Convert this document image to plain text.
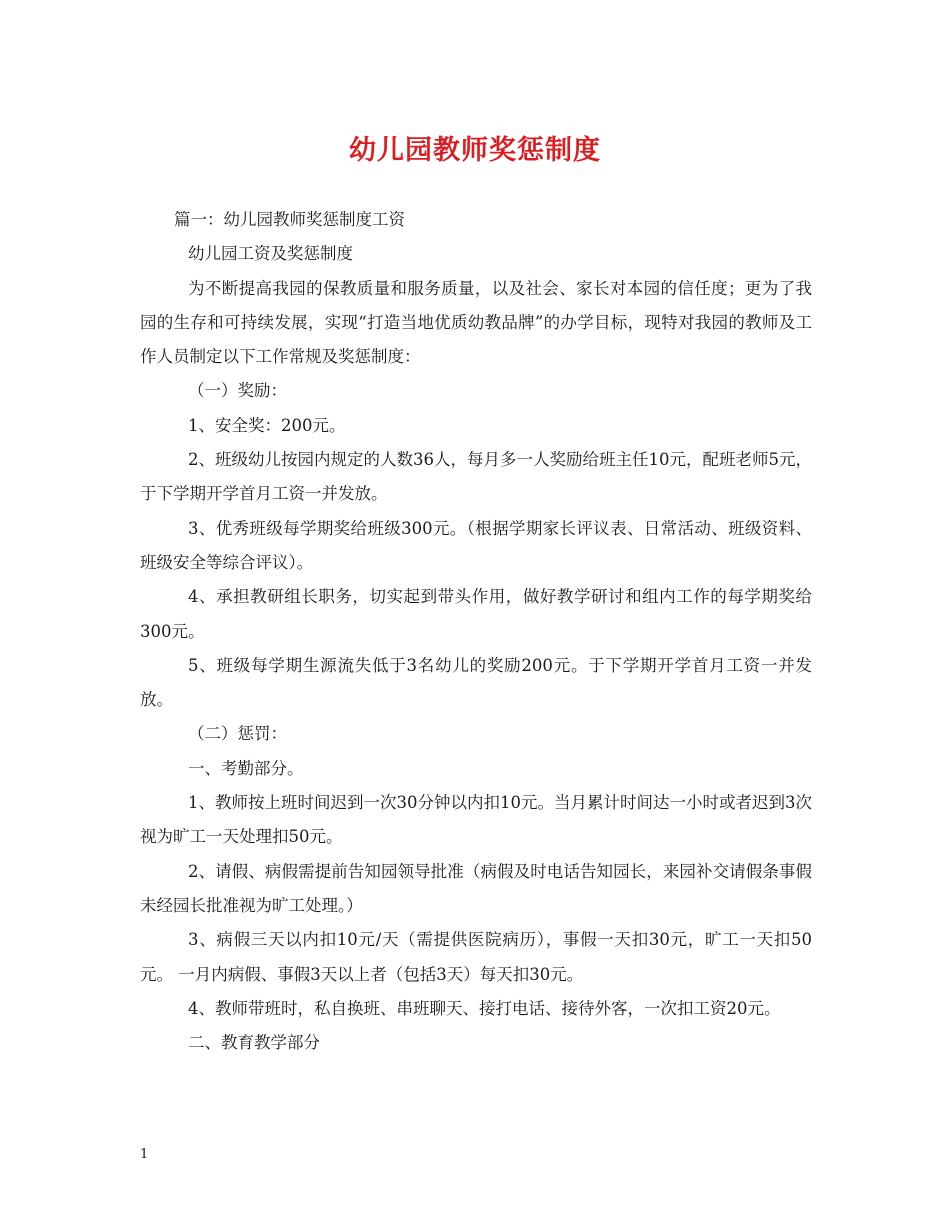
幼儿园教师奖惩制度

篇一：幼儿园教师奖惩制度工资

幼儿园工资及奖惩制度

为不断提高我园的保教质量和服务质量，以及社会、家长对本园的信任度；更为了我园的生存和可持续发展，实现“打造当地优质幼教品牌”的办学目标，现特对我园的教师及工作人员制定以下工作常规及奖惩制度：

（一）奖励：

1、安全奖：200元。

2、班级幼儿按园内规定的人数36人，每月多一人奖励给班主任10元，配班老师5元，于下学期开学首月工资一并发放。

3、优秀班级每学期奖给班级300元。（根据学期家长评议表、日常活动、班级资料、班级安全等综合评议）。

4、承担教研组长职务，切实起到带头作用，做好教学研讨和组内工作的每学期奖给300元。

5、班级每学期生源流失低于3名幼儿的奖励200元。于下学期开学首月工资一并发放。

（二）惩罚：

一、考勤部分。

1、教师按上班时间迟到一次30分钟以内扣10元。当月累计时间达一小时或者迟到3次视为旷工一天处理扣50元。

2、请假、病假需提前告知园领导批准（病假及时电话告知园长，来园补交请假条事假未经园长批准视为旷工处理。）

3、病假三天以内扣10元/天（需提供医院病历），事假一天扣30元，旷工一天扣50元。 一月内病假、事假3天以上者（包括3天）每天扣30元。

4、教师带班时，私自换班、串班聊天、接打电话、接待外客，一次扣工资20元。

二、教育教学部分

1
